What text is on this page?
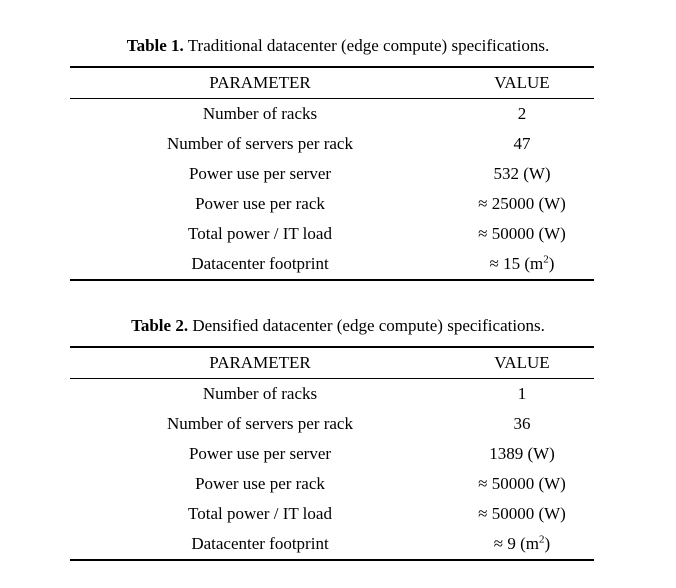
Table 1. Traditional datacenter (edge compute) specifications.
PARAMETER	VALUE
Number of racks	2
Number of servers per rack	47
Power use per server	532 (W)
Power use per rack	≈ 25000 (W)
Total power / IT load	≈ 50000 (W)
Datacenter footprint	≈ 15 $(m^2)$
Table 2. Densified datacenter (edge compute) specifications.
PARAMETER	VALUE
Number of racks	1
Number of servers per rack	36
Power use per server	1389 (W)
Power use per rack	≈ 50000 (W)
Total power / IT load	≈ 50000 (W)
Datacenter footprint	≈ 9 $(m^2)$
